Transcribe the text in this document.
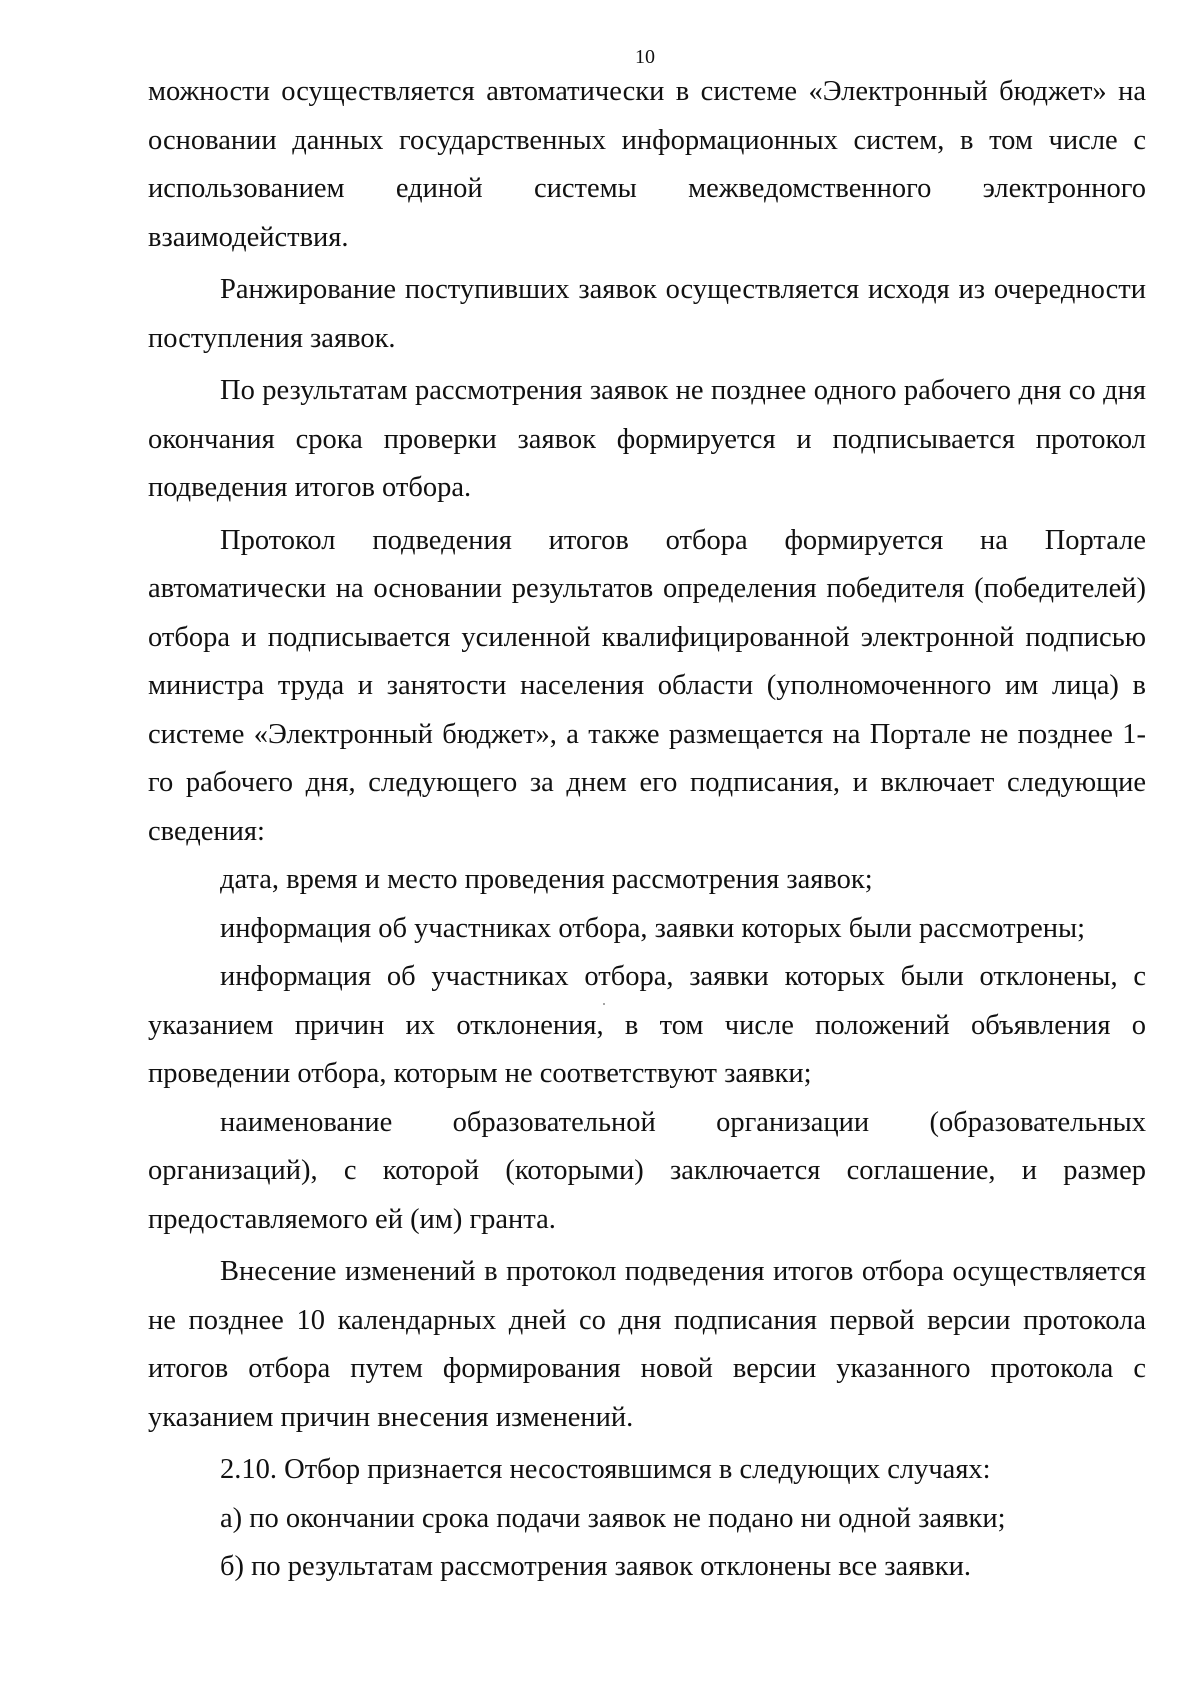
10

можности осуществляется автоматически в системе «Электронный бюджет» на основании данных государственных информационных систем, в том числе с использованием единой системы межведомственного электронного взаимодействия.

Ранжирование поступивших заявок осуществляется исходя из очередности поступления заявок.

По результатам рассмотрения заявок не позднее одного рабочего дня со дня окончания срока проверки заявок формируется и подписывается протокол подведения итогов отбора.

Протокол подведения итогов отбора формируется на Портале автоматически на основании результатов определения победителя (победителей) отбора и подписывается усиленной квалифицированной электронной подписью министра труда и занятости населения области (уполномоченного им лица) в системе «Электронный бюджет», а также размещается на Портале не позднее 1-го рабочего дня, следующего за днем его подписания, и включает следующие сведения:

дата, время и место проведения рассмотрения заявок;

информация об участниках отбора, заявки которых были рассмотрены;

информация об участниках отбора, заявки которых были отклонены, с указанием причин их отклонения, в том числе положений объявления о проведении отбора, которым не соответствуют заявки;

наименование образовательной организации (образовательных организаций), с которой (которыми) заключается соглашение, и размер предоставляемого ей (им) гранта.

Внесение изменений в протокол подведения итогов отбора осуществляется не позднее 10 календарных дней со дня подписания первой версии протокола итогов отбора путем формирования новой версии указанного протокола с указанием причин внесения изменений.

2.10. Отбор признается несостоявшимся в следующих случаях:

а) по окончании срока подачи заявок не подано ни одной заявки;

б) по результатам рассмотрения заявок отклонены все заявки.
